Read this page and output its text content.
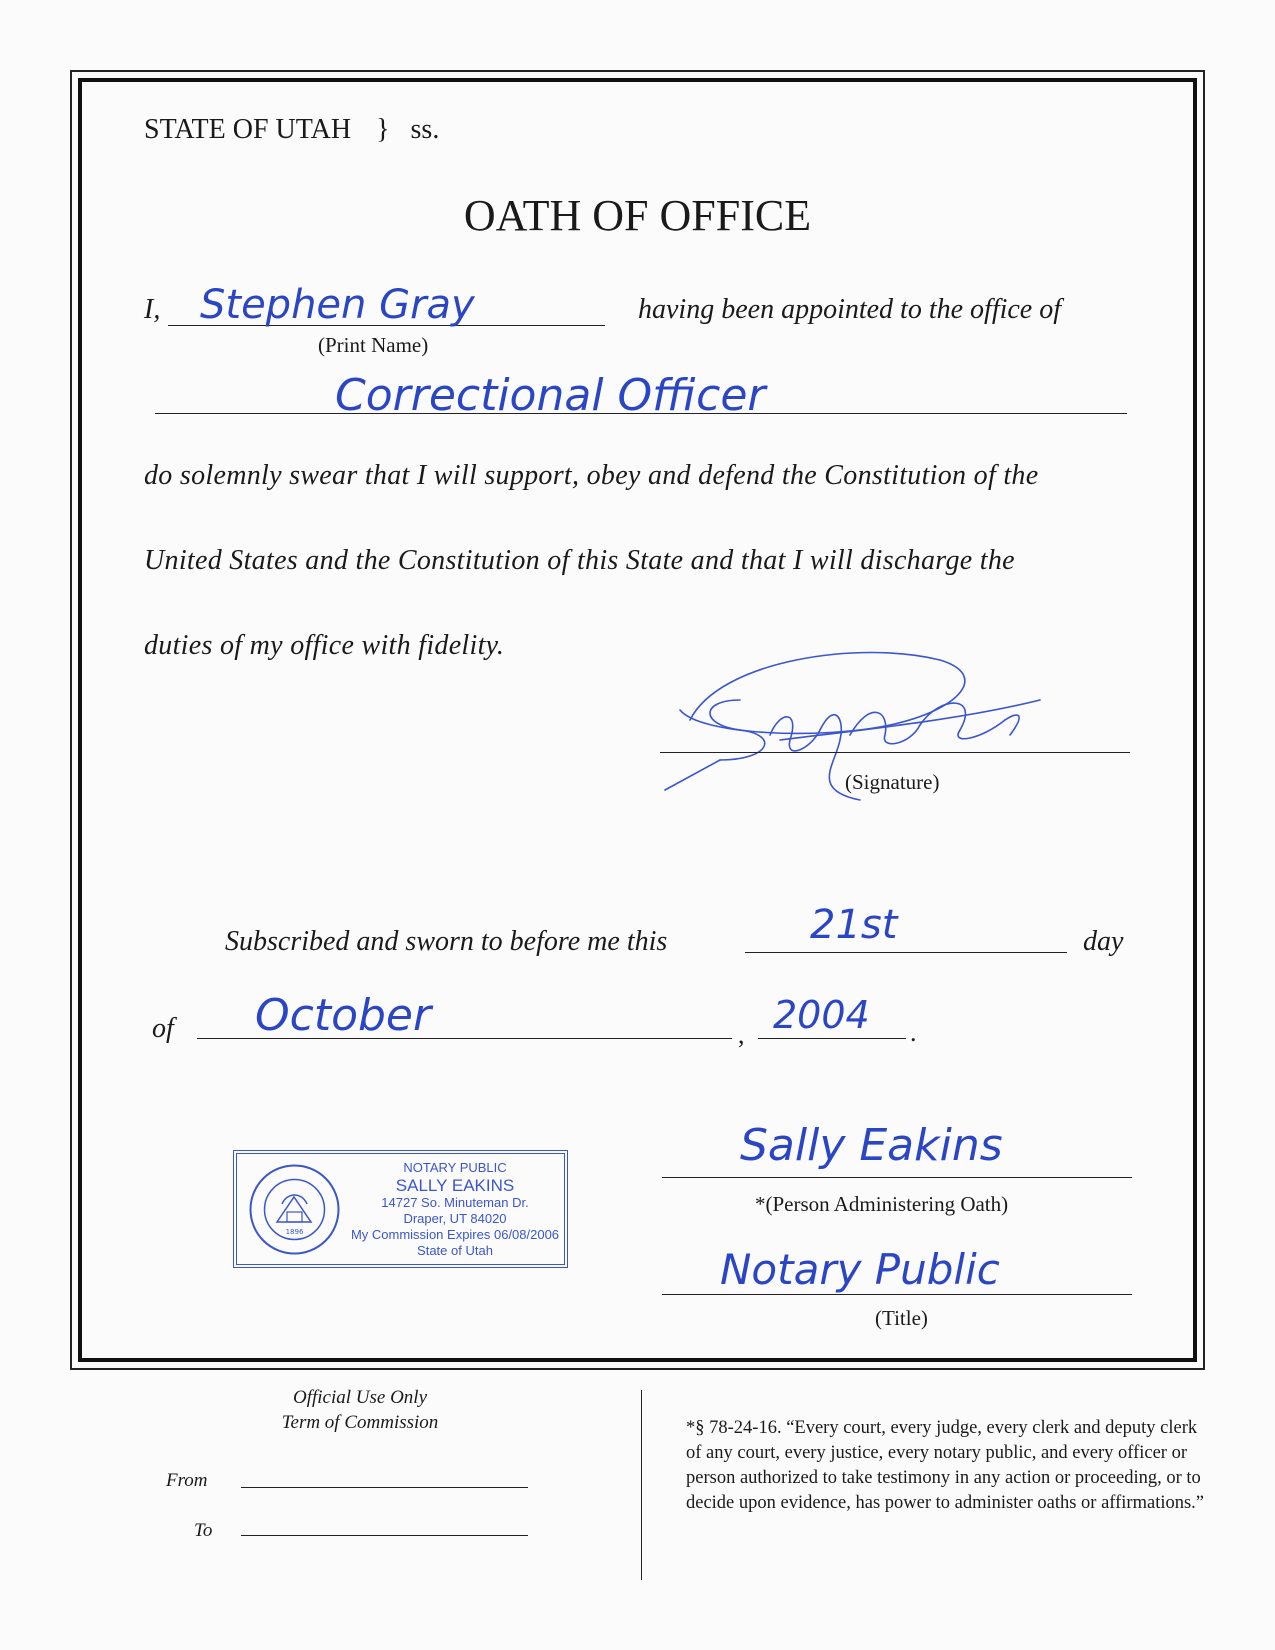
STATE OF UTAH } ss.
OATH OF OFFICE
I, Stephen Gray
(Print Name)
having been appointed to the office of
Correctional Officer
do solemnly swear that I will support, obey and defend the Constitution of the
United States and the Constitution of this State and that I will discharge the
duties of my office with fidelity.
(Signature)
Subscribed and sworn to before me this	21st	day
of October	, 2004 .
1896
NOTARY PUBLIC
SALLY EAKINS
14727 So. Minuteman Dr.
Draper, UT 84020
My Commission Expires 06/08/2006
State of Utah
Sally Eakins
*(Person Administering Oath)
Notary Public
(Title)
Official Use Only
Term of Commission
From
To
*§ 78-24-16. “Every court, every judge, every clerk and deputy clerk of any court, every justice, every notary public, and every officer or person authorized to take testimony in any action or proceeding, or to decide upon evidence, has power to administer oaths or affirmations.”
